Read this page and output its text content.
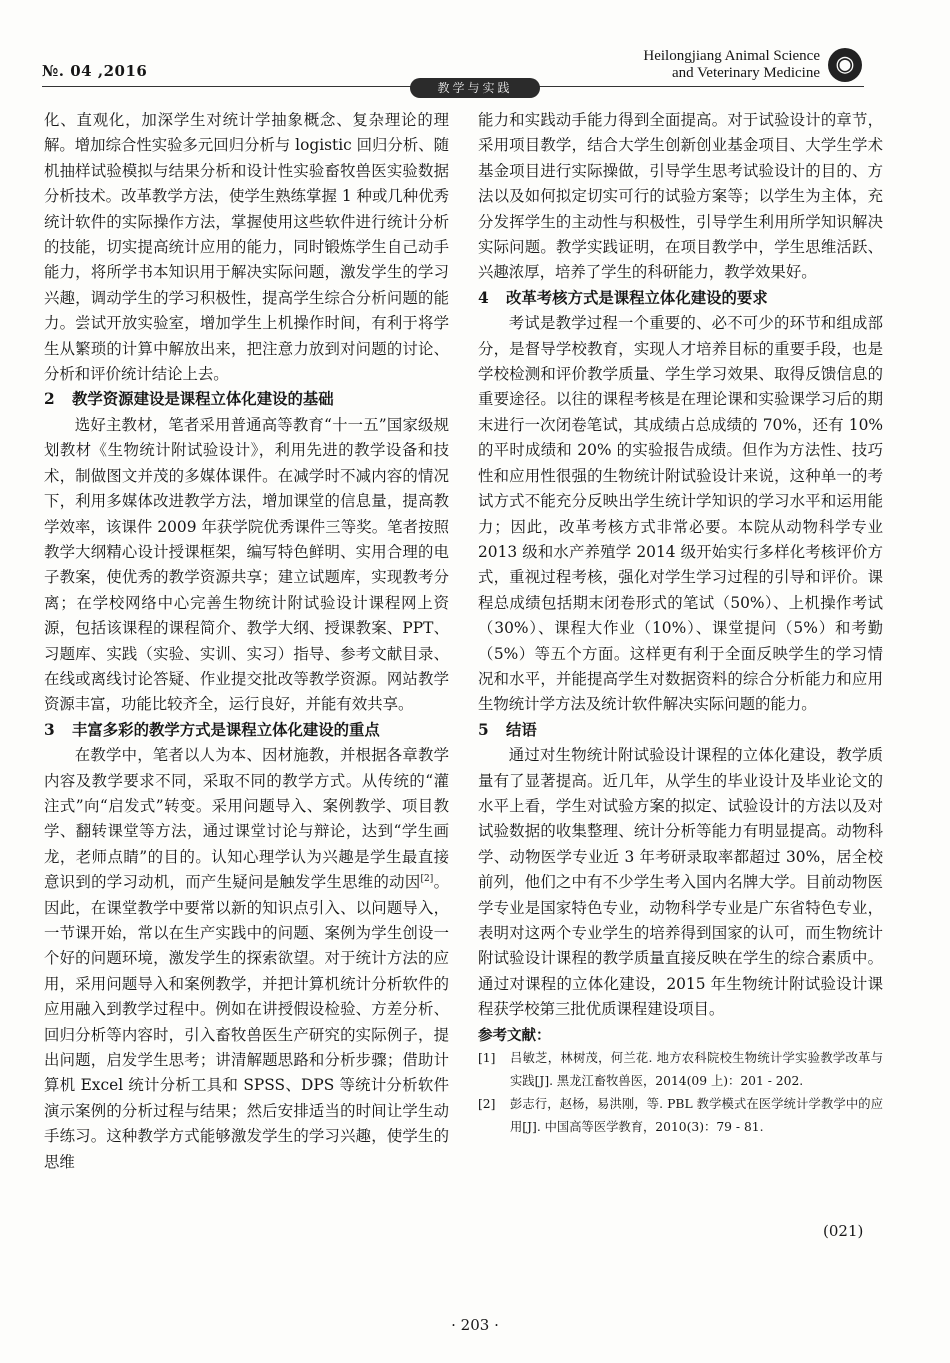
№. 04 ,2016
Heilongjiang Animal Science
and Veterinary Medicine ◉
教学与实践

化、直观化，加深学生对统计学抽象概念、复杂理论的理解。增加综合性实验多元回归分析与 logistic 回归分析、随机抽样试验模拟与结果分析和设计性实验畜牧兽医实验数据分析技术。改革教学方法，使学生熟练掌握 1 种或几种优秀统计软件的实际操作方法，掌握使用这些软件进行统计分析的技能，切实提高统计应用的能力，同时锻炼学生自己动手能力，将所学书本知识用于解决实际问题，激发学生的学习兴趣，调动学生的学习积极性，提高学生综合分析问题的能力。尝试开放实验室，增加学生上机操作时间，有利于将学生从繁琐的计算中解放出来，把注意力放到对问题的讨论、分析和评价统计结论上去。

2 教学资源建设是课程立体化建设的基础

选好主教材，笔者采用普通高等教育“十一五”国家级规划教材《生物统计附试验设计》，利用先进的教学设备和技术，制做图文并茂的多媒体课件。在减学时不减内容的情况下，利用多媒体改进教学方法，增加课堂的信息量，提高教学效率，该课件 2009 年获学院优秀课件三等奖。笔者按照教学大纲精心设计授课框架，编写特色鲜明、实用合理的电子教案，使优秀的教学资源共享；建立试题库，实现教考分离；在学校网络中心完善生物统计附试验设计课程网上资源，包括该课程的课程简介、教学大纲、授课教案、PPT、习题库、实践（实验、实训、实习）指导、参考文献目录、在线或离线讨论答疑、作业提交批改等教学资源。网站教学资源丰富，功能比较齐全，运行良好，并能有效共享。

3 丰富多彩的教学方式是课程立体化建设的重点

在教学中，笔者以人为本、因材施教，并根据各章教学内容及教学要求不同，采取不同的教学方式。从传统的“灌注式”向“启发式”转变。采用问题导入、案例教学、项目教学、翻转课堂等方法，通过课堂讨论与辩论，达到“学生画龙，老师点睛”的目的。认知心理学认为兴趣是学生最直接意识到的学习动机，而产生疑问是触发学生思维的动因[2]。因此，在课堂教学中要常以新的知识点引入、以问题导入，一节课开始，常以在生产实践中的问题、案例为学生创设一个好的问题环境，激发学生的探索欲望。对于统计方法的应用，采用问题导入和案例教学，并把计算机统计分析软件的应用融入到教学过程中。例如在讲授假设检验、方差分析、回归分析等内容时，引入畜牧兽医生产研究的实际例子，提出问题，启发学生思考；讲清解题思路和分析步骤；借助计算机 Excel 统计分析工具和 SPSS、DPS 等统计分析软件演示案例的分析过程与结果；然后安排适当的时间让学生动手练习。这种教学方式能够激发学生的学习兴趣，使学生的思维

能力和实践动手能力得到全面提高。对于试验设计的章节，采用项目教学，结合大学生创新创业基金项目、大学生学术基金项目进行实际操做，引导学生思考试验设计的目的、方法以及如何拟定切实可行的试验方案等；以学生为主体，充分发挥学生的主动性与积极性，引导学生利用所学知识解决实际问题。教学实践证明，在项目教学中，学生思维活跃、兴趣浓厚，培养了学生的科研能力，教学效果好。

4 改革考核方式是课程立体化建设的要求

考试是教学过程一个重要的、必不可少的环节和组成部分，是督导学校教育，实现人才培养目标的重要手段，也是学校检测和评价教学质量、学生学习效果、取得反馈信息的重要途径。以往的课程考核是在理论课和实验课学习后的期末进行一次闭卷笔试，其成绩占总成绩的 70%，还有 10% 的平时成绩和 20% 的实验报告成绩。但作为方法性、技巧性和应用性很强的生物统计附试验设计来说，这种单一的考试方式不能充分反映出学生统计学知识的学习水平和运用能力；因此，改革考核方式非常必要。本院从动物科学专业 2013 级和水产养殖学 2014 级开始实行多样化考核评价方式，重视过程考核，强化对学生学习过程的引导和评价。课程总成绩包括期末闭卷形式的笔试（50%）、上机操作考试（30%）、课程大作业（10%）、课堂提问（5%）和考勤（5%）等五个方面。这样更有利于全面反映学生的学习情况和水平，并能提高学生对数据资料的综合分析能力和应用生物统计学方法及统计软件解决实际问题的能力。

5 结语

通过对生物统计附试验设计课程的立体化建设，教学质量有了显著提高。近几年，从学生的毕业设计及毕业论文的水平上看，学生对试验方案的拟定、试验设计的方法以及对试验数据的收集整理、统计分析等能力有明显提高。动物科学、动物医学专业近 3 年考研录取率都超过 30%，居全校前列，他们之中有不少学生考入国内名牌大学。目前动物医学专业是国家特色专业，动物科学专业是广东省特色专业，表明对这两个专业学生的培养得到国家的认可，而生物统计附试验设计课程的教学质量直接反映在学生的综合素质中。通过对课程的立体化建设，2015 年生物统计附试验设计课程获学校第三批优质课程建设项目。

参考文献：
[1]	吕敏芝，林树茂，何兰花. 地方农科院校生物统计学实验教学改革与实践[J]. 黑龙江畜牧兽医，2014(09 上)：201 - 202.
[2]	彭志行，赵杨，易洪刚，等. PBL 教学模式在医学统计学教学中的应用[J]. 中国高等医学教育，2010(3)：79 - 81.
(021)
· 203 ·
